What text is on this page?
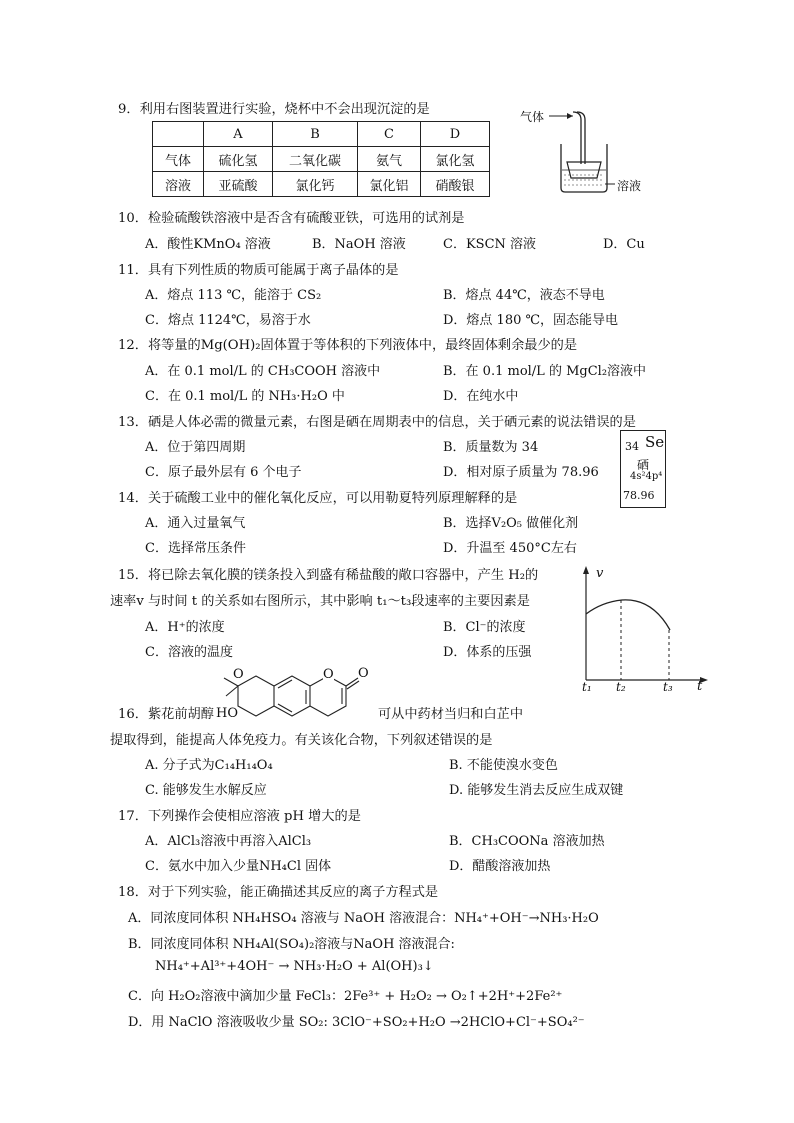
9．利用右图装置进行实验，烧杯中不会出现沉淀的是
	A	B	C	D
气体	硫化氢	二氧化碳	氨气	氯化氢
溶液	亚硫酸	氯化钙	氯化铝	硝酸银
气体
溶液
10．检验硫酸铁溶液中是否含有硫酸亚铁，可选用的试剂是
A．酸性KMnO₄ 溶液	B．NaOH 溶液	C．KSCN 溶液	D．Cu
11．具有下列性质的物质可能属于离子晶体的是
A．熔点 113 ℃，能溶于 CS₂	B．熔点 44℃，液态不导电
C．熔点 1124℃，易溶于水	D．熔点 180 ℃，固态能导电
12．将等量的Mg(OH)₂固体置于等体积的下列液体中，最终固体剩余最少的是
A．在 0.1 mol/L 的 CH₃COOH 溶液中	B．在 0.1 mol/L 的 MgCl₂溶液中
C．在 0.1 mol/L 的 NH₃·H₂O 中	D．在纯水中
13．硒是人体必需的微量元素，右图是硒在周期表中的信息，关于硒元素的说法错误的是
A．位于第四周期	B．质量数为 34
C．原子最外层有 6 个电子	D．相对原子质量为 78.96
34 Se
硒
4s²4p⁴
78.96
14．关于硫酸工业中的催化氧化反应，可以用勒夏特列原理解释的是
A．通入过量氧气	B．选择V₂O₅ 做催化剂
C．选择常压条件	D．升温至 450°C左右
15．将已除去氧化膜的镁条投入到盛有稀盐酸的敞口容器中，产生 H₂的
速率v 与时间 t 的关系如右图所示，其中影响 t₁～t₃段速率的主要因素是
A．H⁺的浓度	B．Cl⁻的浓度
C．溶液的温度	D．体系的压强
v
t
t₁ t₂	t₃
O	O O
HO
16．紫花前胡醇	可从中药材当归和白芷中
提取得到，能提高人体免疫力。有关该化合物，下列叙述错误的是
A. 分子式为C₁₄H₁₄O₄	B. 不能使溴水变色
C. 能够发生水解反应	D. 能够发生消去反应生成双键
17．下列操作会使相应溶液 pH 增大的是
A．AlCl₃溶液中再溶入AlCl₃	B．CH₃COONa 溶液加热
C．氨水中加入少量NH₄Cl 固体	D．醋酸溶液加热
18．对于下列实验，能正确描述其反应的离子方程式是
A．同浓度同体积 NH₄HSO₄ 溶液与 NaOH 溶液混合：NH₄⁺+OH⁻→NH₃·H₂O
B．同浓度同体积 NH₄Al(SO₄)₂溶液与NaOH 溶液混合:
NH₄⁺+Al³⁺+4OH⁻ → NH₃·H₂O + Al(OH)₃↓
C．向 H₂O₂溶液中滴加少量 FeCl₃：2Fe³⁺ + H₂O₂ → O₂↑+2H⁺+2Fe²⁺
D．用 NaClO 溶液吸收少量 SO₂: 3ClO⁻+SO₂+H₂O →2HClO+Cl⁻+SO₄²⁻
